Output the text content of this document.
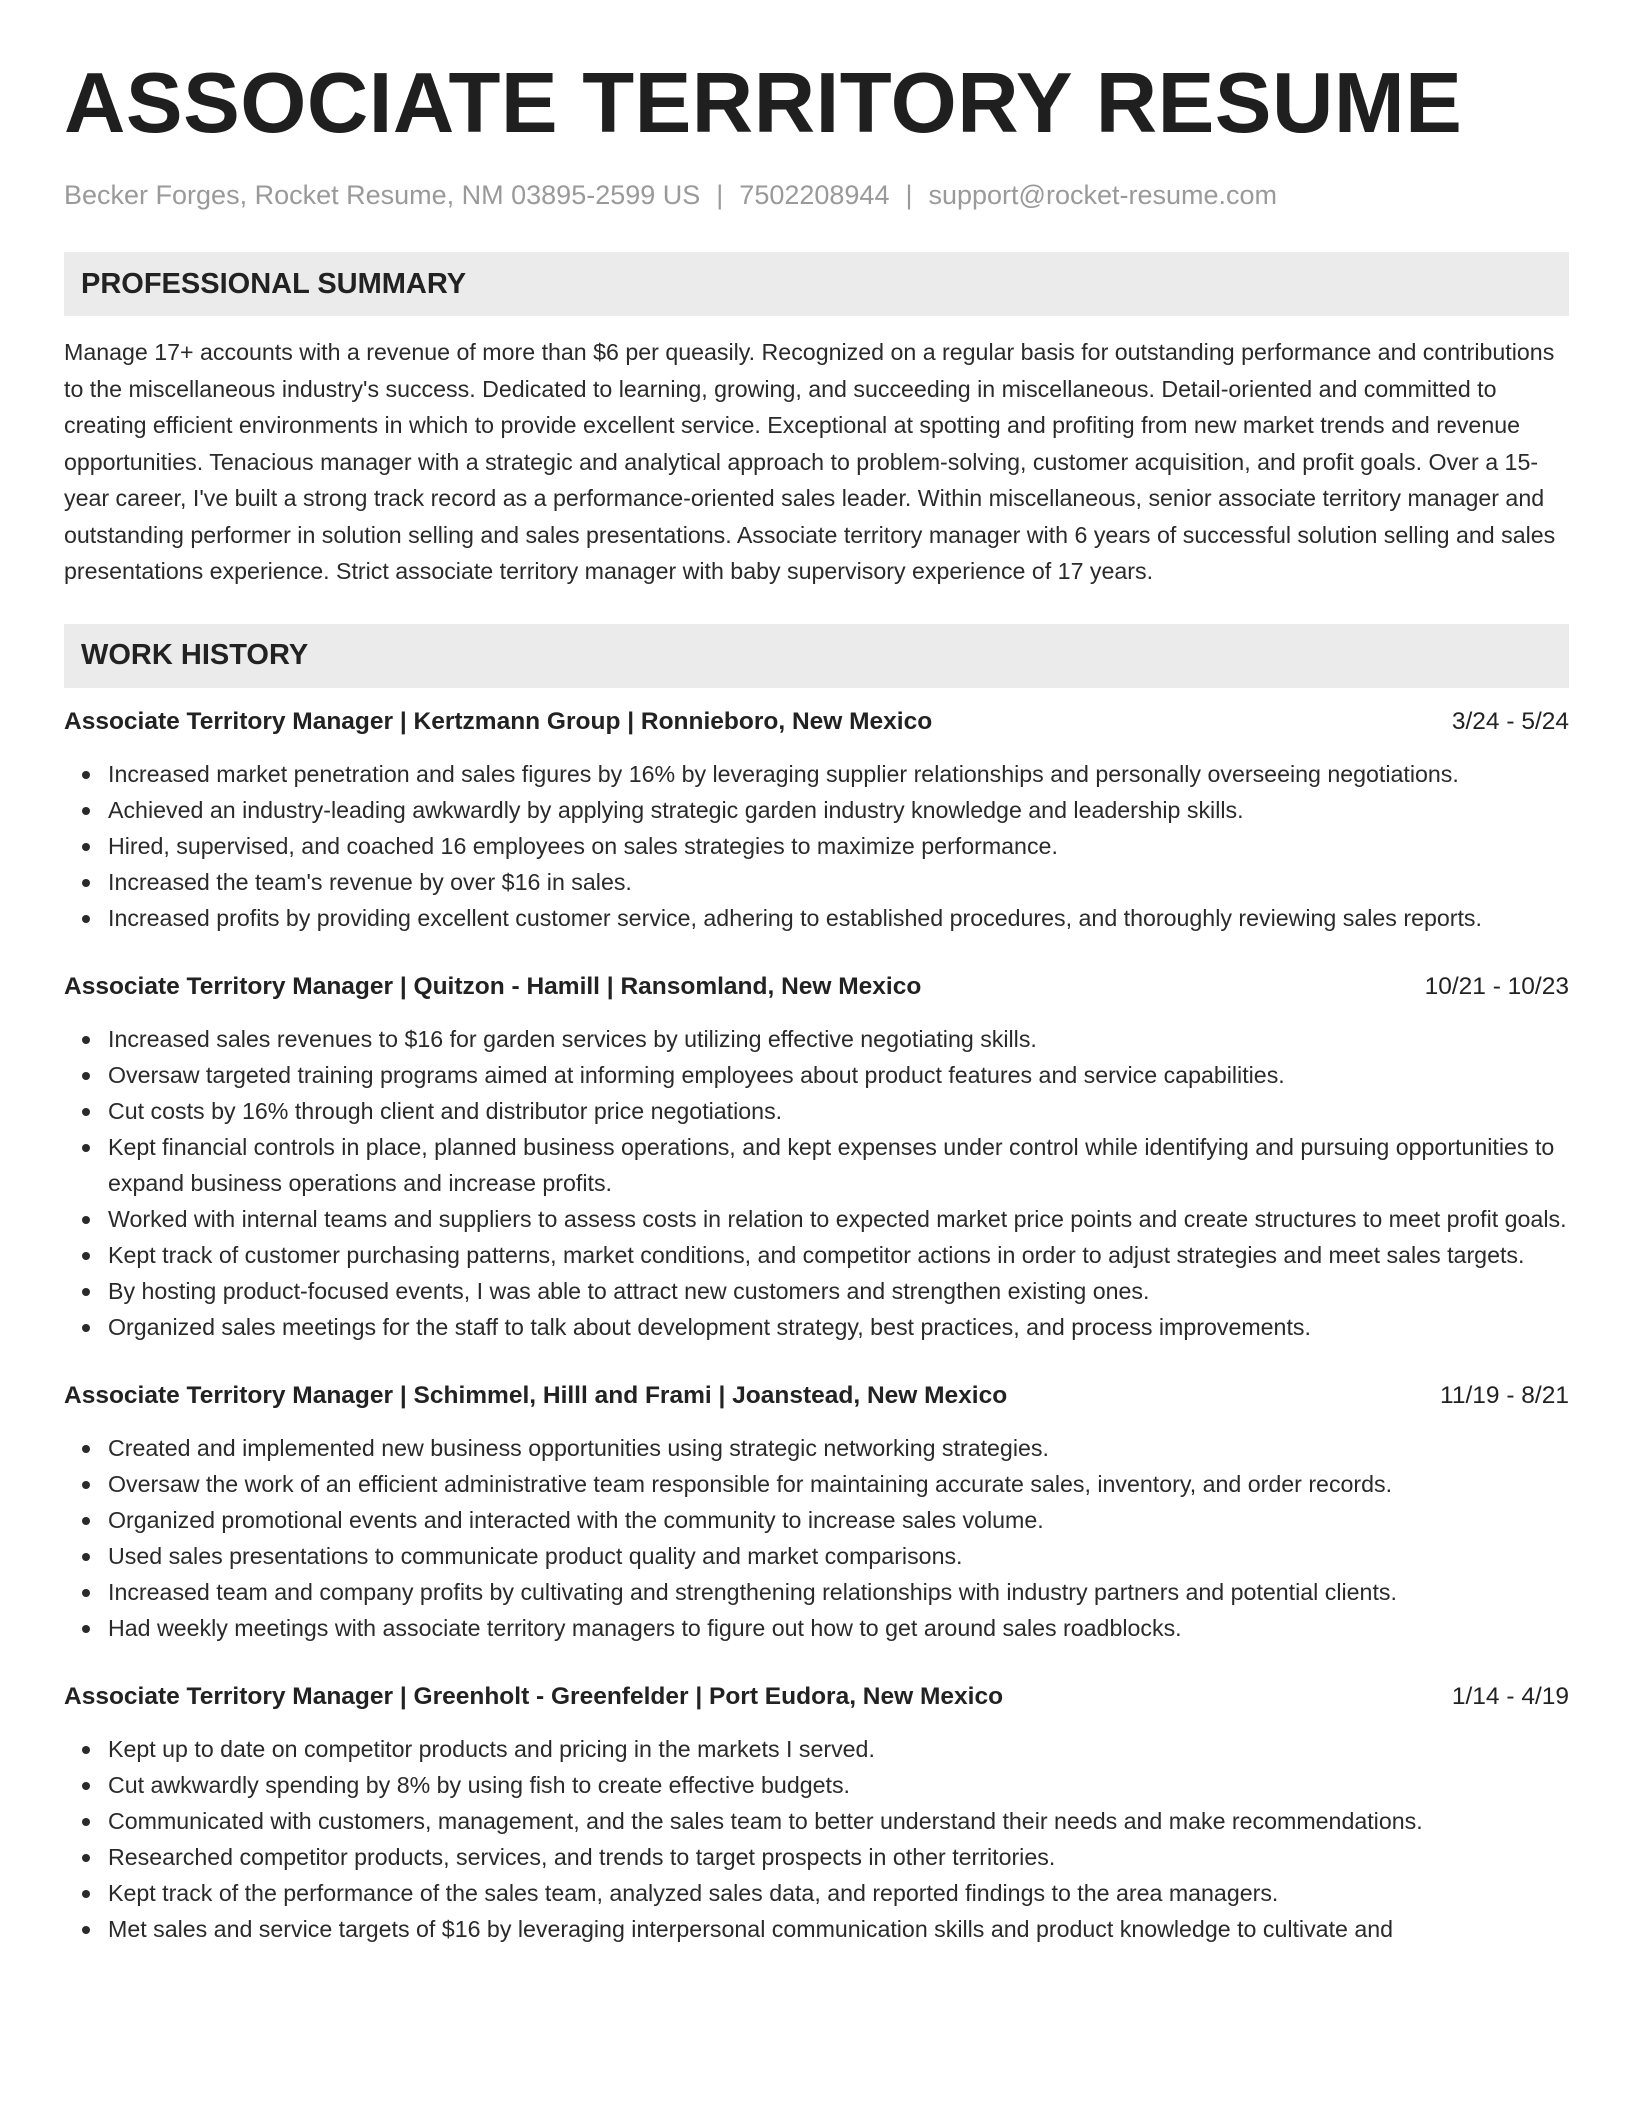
ASSOCIATE TERRITORY RESUME
Becker Forges, Rocket Resume, NM 03895-2599 US | 7502208944 | support@rocket-resume.com
PROFESSIONAL SUMMARY
Manage 17+ accounts with a revenue of more than $6 per queasily. Recognized on a regular basis for outstanding performance and contributions to the miscellaneous industry's success. Dedicated to learning, growing, and succeeding in miscellaneous. Detail-oriented and committed to creating efficient environments in which to provide excellent service. Exceptional at spotting and profiting from new market trends and revenue opportunities. Tenacious manager with a strategic and analytical approach to problem-solving, customer acquisition, and profit goals. Over a 15-year career, I've built a strong track record as a performance-oriented sales leader. Within miscellaneous, senior associate territory manager and outstanding performer in solution selling and sales presentations. Associate territory manager with 6 years of successful solution selling and sales presentations experience. Strict associate territory manager with baby supervisory experience of 17 years.
WORK HISTORY
Associate Territory Manager | Kertzmann Group | Ronnieboro, New Mexico	3/24 - 5/24
Increased market penetration and sales figures by 16% by leveraging supplier relationships and personally overseeing negotiations.
Achieved an industry-leading awkwardly by applying strategic garden industry knowledge and leadership skills.
Hired, supervised, and coached 16 employees on sales strategies to maximize performance.
Increased the team's revenue by over $16 in sales.
Increased profits by providing excellent customer service, adhering to established procedures, and thoroughly reviewing sales reports.
Associate Territory Manager | Quitzon - Hamill | Ransomland, New Mexico	10/21 - 10/23
Increased sales revenues to $16 for garden services by utilizing effective negotiating skills.
Oversaw targeted training programs aimed at informing employees about product features and service capabilities.
Cut costs by 16% through client and distributor price negotiations.
Kept financial controls in place, planned business operations, and kept expenses under control while identifying and pursuing opportunities to expand business operations and increase profits.
Worked with internal teams and suppliers to assess costs in relation to expected market price points and create structures to meet profit goals.
Kept track of customer purchasing patterns, market conditions, and competitor actions in order to adjust strategies and meet sales targets.
By hosting product-focused events, I was able to attract new customers and strengthen existing ones.
Organized sales meetings for the staff to talk about development strategy, best practices, and process improvements.
Associate Territory Manager | Schimmel, Hilll and Frami | Joanstead, New Mexico	11/19 - 8/21
Created and implemented new business opportunities using strategic networking strategies.
Oversaw the work of an efficient administrative team responsible for maintaining accurate sales, inventory, and order records.
Organized promotional events and interacted with the community to increase sales volume.
Used sales presentations to communicate product quality and market comparisons.
Increased team and company profits by cultivating and strengthening relationships with industry partners and potential clients.
Had weekly meetings with associate territory managers to figure out how to get around sales roadblocks.
Associate Territory Manager | Greenholt - Greenfelder | Port Eudora, New Mexico	1/14 - 4/19
Kept up to date on competitor products and pricing in the markets I served.
Cut awkwardly spending by 8% by using fish to create effective budgets.
Communicated with customers, management, and the sales team to better understand their needs and make recommendations.
Researched competitor products, services, and trends to target prospects in other territories.
Kept track of the performance of the sales team, analyzed sales data, and reported findings to the area managers.
Met sales and service targets of $16 by leveraging interpersonal communication skills and product knowledge to cultivate and
